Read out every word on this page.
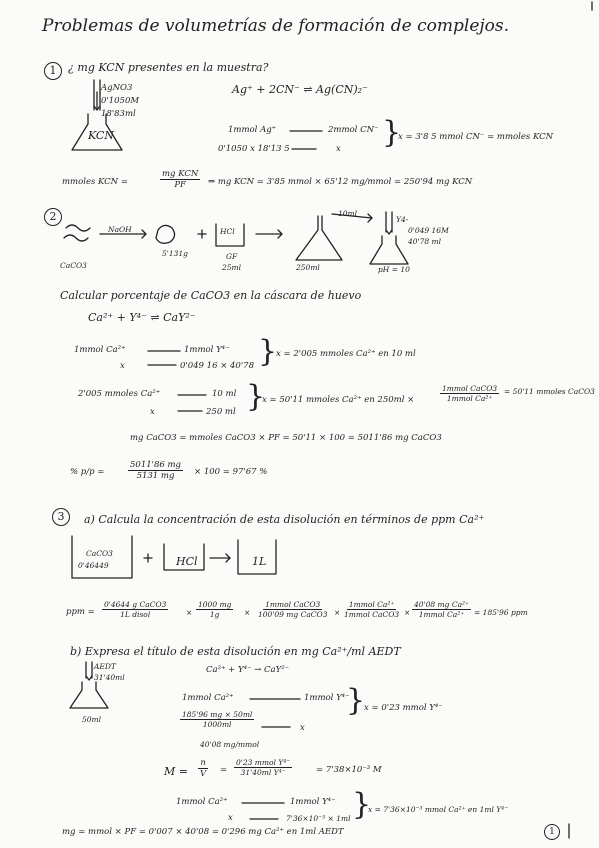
Problemas de volumetrías de formación de complejos.
1	¿ mg KCN presentes en la muestra?
AgNO3
0'1050M
18'83ml
KCN
Ag⁺ + 2CN⁻ ⇌ Ag(CN)₂⁻
1mmol Ag⁺	2mmol CN⁻
0'1050 x 18'13 5	x }
x = 3'8 5 mmol CN⁻ = mmoles KCN
mmoles KCN =
mg KCN
PF	⇒ mg KCN = 3'85 mmol × 65'12 mg/mmol = 250'94 mg KCN
2
NaOH
CaCO3
5'131g
HCl
GF
25ml	250ml
10ml
Y4-
0'049 16M
40'78 ml
pH = 10
Calcular porcentaje de CaCO3 en la cáscara de huevo
Ca²⁺ + Y⁴⁻ ⇌ CaY²⁻
1mmol Ca²⁺	1mmol Y⁴⁻
x	0'049 16 × 40'78 }
x = 2'005 mmoles Ca²⁺ en 10 ml
2'005 mmoles Ca²⁺	10 ml
x	250 ml }
x = 50'11 mmoles Ca²⁺ en 250ml ×
1mmol CaCO3
1mmol Ca²⁺
= 50'11 mmoles CaCO3
mg CaCO3 = mmoles CaCO3 × PF = 50'11 × 100 = 5011'86 mg CaCO3
% p/p =	$\frac{5011'86 mg}{5131 mg} \times 100 = 97'67$ %
3	a) Calcula la concentración de esta disolución en términos de ppm Ca²⁺
CaCO3
0'46449	HCl	1L
ppm =
0'4644 g CaCO3
1L disol	× $\frac{1000 mg}{1g}$ ×
1mmol CaCO3
100'09 mg CaCO3 ×
1mmol Ca²⁺
1mmol CaCO3 ×
40'08 mg Ca²⁺
1mmol Ca²⁺ = 185'96 ppm
b) Expresa el título de esta disolución en mg Ca²⁺/ml AEDT
Ca²⁺ + Y⁴⁻ → CaY²⁻
AEDT
31'40ml
50ml
1mmol Ca²⁺	1mmol Y⁴⁻
$\frac{185'96 mg \times 50ml}{1000ml}$
40'08 mg/mmol
x
}
x = 0'23 mmol Y⁴⁻
$M = \frac{n}{V}$ =
0'23 mmol Y⁴⁻
31'40ml Y⁴⁻	= 7'38×10⁻³ M
1mmol Ca²⁺	1mmol Y⁴⁻
x	7'36×10⁻³ × 1ml }
x = 7'36×10⁻³ mmol Ca²⁺ en 1ml Y⁴⁻
mg = mmol × PF = 0'007 × 40'08 = 0'296 mg Ca²⁺ en 1ml AEDT	1
